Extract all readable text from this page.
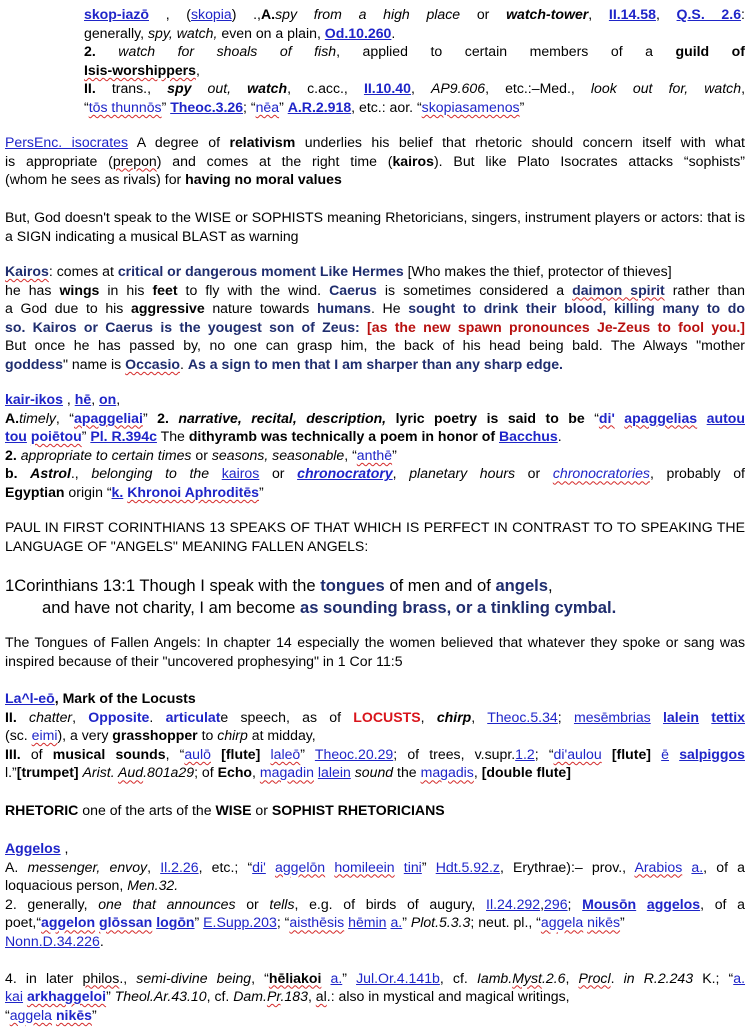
skop-iazō , (skopia) .,A.spy from a high place or watch-tower, II.14.58, Q.S. 2.6:
generally, spy, watch, even on a plain, Od.10.260.
2. watch for shoals of fish, applied to certain members of a guild of
Isis-worshippers,
II. trans., spy out, watch, c.acc., II.10.40, AP9.606, etc.:–Med., look out for, watch,
“tōs thunnōs” Theoc.3.26; “nēa” A.R.2.918, etc.: aor. “skopiasamenos”
PersEnc. isocrates A degree of relativism underlies his belief that rhetoric should concern itself with what
is appropriate (prepon) and comes at the right time (kairos). But like Plato Isocrates attacks “sophists”
(whom he sees as rivals) for having no moral values
But, God doesn't speak to the WISE or SOPHISTS meaning Rhetoricians, singers, instrument players or actors: that is a SIGN indicating a musical BLAST as warning
Kairos: comes at critical or dangerous moment Like Hermes [Who makes the thief, protector of thieves]
he has wings in his feet to fly with the wind. Caerus is sometimes considered a daimon spirit rather than
a God due to his aggressive nature towards humans. He sought to drink their blood, killing many to do
so. Kairos or Caerus is the yougest son of Zeus: [as the new spawn pronounces Je-Zeus to fool you.]
But once he has passed by, no one can grasp him, the back of his head being bald. The Always "mother
goddess" name is Occasio. As a sign to men that I am sharper than any sharp edge.
kair-ikos , hē, on,
A.timely, “apaggeliai” 2. narrative, recital, description, lyric poetry is said to be “di' apaggelias autou
tou poiētou” Pl. R.394c The dithyramb was technically a poem in honor of Bacchus.
2. appropriate to certain times or seasons, seasonable, “anthē”
b. Astrol., belonging to the kairos or chronocratory, planetary hours or chronocratories, probably of
Egyptian origin “k. Khronoi Aphroditēs”
PAUL IN FIRST CORINTHIANS 13 SPEAKS OF THAT WHICH IS PERFECT IN CONTRAST TO TO SPEAKING THE LANGUAGE OF "ANGELS" MEANING FALLEN ANGELS:
1Corinthians 13:1 Though I speak with the tongues of men and of angels,
and have not charity, I am become as sounding brass, or a tinkling cymbal.
The Tongues of Fallen Angels: In chapter 14 especially the women believed that whatever they spoke or sang was inspired because of their "uncovered prophesying" in 1 Cor 11:5
La^l-eō, Mark of the Locusts
II. chatter, Opposite. articulate speech, as of LOCUSTS, chirp, Theoc.5.34; mesēmbrias lalein tettix
(sc. eimi), a very grasshopper to chirp at midday,
III. of musical sounds, “aulō [flute] laleō” Theoc.20.29; of trees, v.supr.1.2; “di'aulou [flute] ē salpiggos
l.”[trumpet] Arist. Aud.801a29; of Echo, magadin lalein sound the magadis, [double flute]
RHETORIC one of the arts of the WISE or SOPHIST RHETORICIANS
Aggelos ,
A. messenger, envoy, Il.2.26, etc.; “di' aggelōn homileein tini” Hdt.5.92.z, Erythrae):– prov., Arabios a., of a
loquacious person, Men.32.
2. generally, one that announces or tells, e.g. of birds of augury, Il.24.292,296; Mousōn aggelos, of a
poet,“aggelon glōssan logōn” E.Supp.203; “aisthēsis hēmin a.” Plot.5.3.3; neut. pl., “aggela nikēs”
Nonn.D.34.226.
4. in later philos., semi-divine being, “hēliakoi a.” Jul.Or.4.141b, cf. Iamb.Myst.2.6, Procl. in R.2.243 K.; “a.
kai arkhaggeloi” Theol.Ar.43.10, cf. Dam.Pr.183, al.: also in mystical and magical writings,
“aggela nikēs”
